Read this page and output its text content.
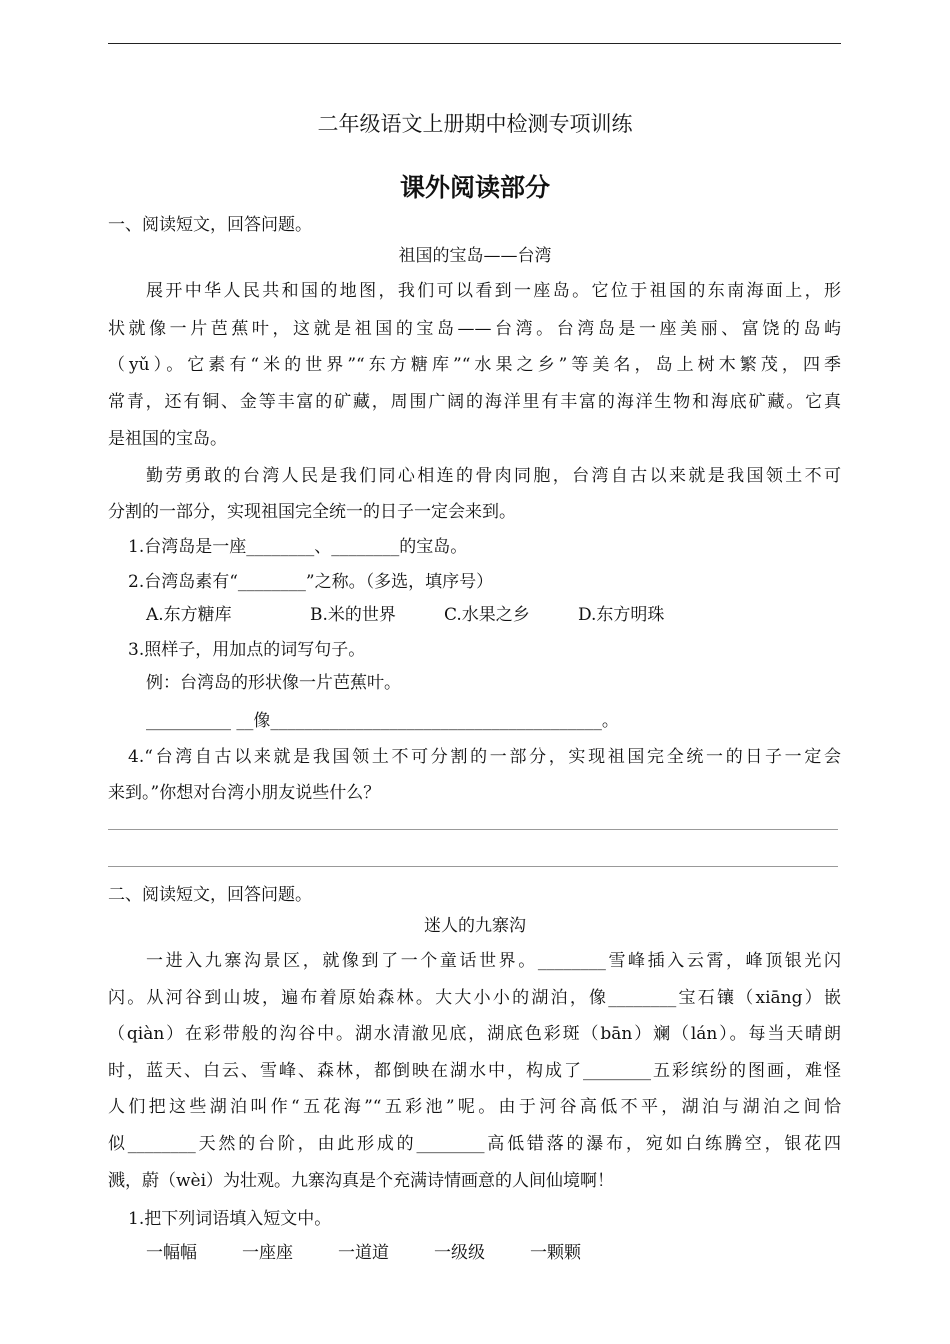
二年级语文上册期中检测专项训练
课外阅读部分
一、阅读短文，回答问题。
祖国的宝岛——台湾
展开中华人民共和国的地图，我们可以看到一座岛。它位于祖国的东南海面上，形
状就像一片芭蕉叶，这就是祖国的宝岛——台湾。台湾岛是一座美丽、富饶的岛屿
（yǔ）。它素有“米的世界”“东方糖库”“水果之乡”等美名，岛上树木繁茂，四季
常青，还有铜、金等丰富的矿藏，周围广阔的海洋里有丰富的海洋生物和海底矿藏。它真
是祖国的宝岛。
勤劳勇敢的台湾人民是我们同心相连的骨肉同胞，台湾自古以来就是我国领土不可
分割的一部分，实现祖国完全统一的日子一定会来到。
1.台湾岛是一座________、________的宝岛。
2.台湾岛素有“________”之称。（多选，填序号）
A.东方糖库	B.米的世界	C.水果之乡	D.东方明珠
3.照样子，用加点的词写句子。
例：台湾岛的形状像一片芭蕉叶。
__________ __像_______________________________________。
4.“台湾自古以来就是我国领土不可分割的一部分，实现祖国完全统一的日子一定会
来到。”你想对台湾小朋友说些什么？
二、阅读短文，回答问题。
迷人的九寨沟
一进入九寨沟景区，就像到了一个童话世界。________雪峰插入云霄，峰顶银光闪
闪。从河谷到山坡，遍布着原始森林。大大小小的湖泊，像________宝石镶（xiāng）嵌
（qiàn）在彩带般的沟谷中。湖水清澈见底，湖底色彩斑（bān）斓（lán）。每当天晴朗
时，蓝天、白云、雪峰、森林，都倒映在湖水中，构成了________五彩缤纷的图画，难怪
人们把这些湖泊叫作“五花海”“五彩池”呢。由于河谷高低不平，湖泊与湖泊之间恰
似________天然的台阶，由此形成的________高低错落的瀑布，宛如白练腾空，银花四
溅，蔚（wèi）为壮观。九寨沟真是个充满诗情画意的人间仙境啊！
1.把下列词语填入短文中。
一幅幅	一座座	一道道	一级级	一颗颗
